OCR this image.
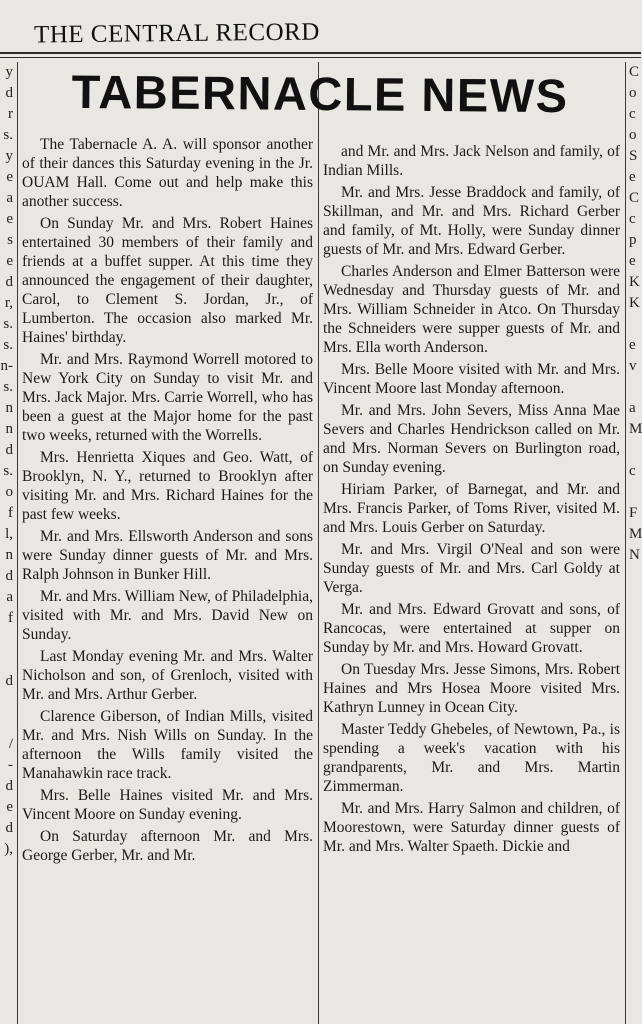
THE CENTRAL RECORD
y
d
r
s.
y
e
a
e
s
e
d
r,
s.
s.
n-
s.
n
n
d
s.
o
f
l,
n
d
a
f
d
/
-
d
e
d
),
C
o
c
o
S
e
C
c
p
e
K
K
e
v
a
M
c
F
M
N
TABERNACLE NEWS

The Tabernacle A. A. will sponsor another of their dances this Saturday evening in the Jr. OUAM Hall. Come out and help make this another success.

On Sunday Mr. and Mrs. Robert Haines entertained 30 members of their family and friends at a buffet supper. At this time they announced the engagement of their daughter, Carol, to Clement S. Jordan, Jr., of Lumberton. The occasion also marked Mr. Haines' birthday.

Mr. and Mrs. Raymond Worrell motored to New York City on Sunday to visit Mr. and Mrs. Jack Major. Mrs. Carrie Worrell, who has been a guest at the Major home for the past two weeks, returned with the Worrells.

Mrs. Henrietta Xiques and Geo. Watt, of Brooklyn, N. Y., returned to Brooklyn after visiting Mr. and Mrs. Richard Haines for the past few weeks.

Mr. and Mrs. Ellsworth Anderson and sons were Sunday dinner guests of Mr. and Mrs. Ralph Johnson in Bunker Hill.

Mr. and Mrs. William New, of Philadelphia, visited with Mr. and Mrs. David New on Sunday.

Last Monday evening Mr. and Mrs. Walter Nicholson and son, of Grenloch, visited with Mr. and Mrs. Arthur Gerber.

Clarence Giberson, of Indian Mills, visited Mr. and Mrs. Nish Wills on Sunday. In the afternoon the Wills family visited the Manahawkin race track.

Mrs. Belle Haines visited Mr. and Mrs. Vincent Moore on Sunday evening.

On Saturday afternoon Mr. and Mrs. George Gerber, Mr. and Mr.

and Mr. and Mrs. Jack Nelson and family, of Indian Mills.

Mr. and Mrs. Jesse Braddock and family, of Skillman, and Mr. and Mrs. Richard Gerber and family, of Mt. Holly, were Sunday dinner guests of Mr. and Mrs. Edward Gerber.

Charles Anderson and Elmer Batterson were Wednesday and Thursday guests of Mr. and Mrs. William Schneider in Atco. On Thursday the Schneiders were supper guests of Mr. and Mrs. Ella worth Anderson.

Mrs. Belle Moore visited with Mr. and Mrs. Vincent Moore last Monday afternoon.

Mr. and Mrs. John Severs, Miss Anna Mae Severs and Charles Hendrickson called on Mr. and Mrs. Norman Severs on Burlington road, on Sunday evening.

Hiriam Parker, of Barnegat, and Mr. and Mrs. Francis Parker, of Toms River, visited M. and Mrs. Louis Gerber on Saturday.

Mr. and Mrs. Virgil O'Neal and son were Sunday guests of Mr. and Mrs. Carl Goldy at Verga.

Mr. and Mrs. Edward Grovatt and sons, of Rancocas, were entertained at supper on Sunday by Mr. and Mrs. Howard Grovatt.

On Tuesday Mrs. Jesse Simons, Mrs. Robert Haines and Mrs Hosea Moore visited Mrs. Kathryn Lunney in Ocean City.

Master Teddy Ghebeles, of Newtown, Pa., is spending a week's vacation with his grandparents, Mr. and Mrs. Martin Zimmerman.

Mr. and Mrs. Harry Salmon and children, of Moorestown, were Saturday dinner guests of Mr. and Mrs. Walter Spaeth. Dickie and
